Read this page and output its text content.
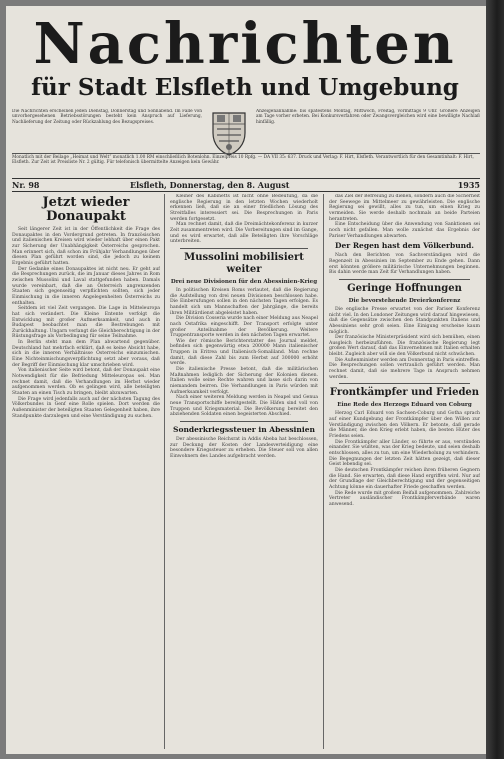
Nachrichten
für Stadt Elsfleth und Umgebung
Die Nachrichten erscheinen jeden Dienstag, Donnerstag und Sonnabend. Im Falle von unvorhergesehenen Betriebsstörungen besteht kein Anspruch auf Lieferung, Nachlieferung der Zeitung oder Rückzahlung des Bezugspreises.
Anzeigenannahme: bis spätestens Montag, Mittwoch, Freitag, vormittags 9 Uhr. Größere Anzeigen am Tage vorher erbeten. Bei Konkursverfahren oder Zwangsvergleichen wird eine bewilligte Nachlaß hinfällig.
Monatlich mit der Beilage „Heimat und Welt“ monatlich 1.00 RM einschließlich Botenlohn. Einzelpreis 10 Rpfg. — DA VII 35: 637. Druck und Verlag: F. Hirt, Elsfleth. Verantwortlich für den Gesamtinhalt: F. Hirt, Elsfleth. Zur Zeit ist Preisliste Nr. 2 gültig. Für telefonisch übermittelte Anzeigen kein Gewähr.
Nr. 98	Elsfleth, Donnerstag, den 8. August	1935
Jetzt wieder Donaupakt

Seit längerer Zeit ist in der Öffentlichkeit die Frage des Donaupaktes in den Vordergrund getreten. In französischen und italienischen Kreisen wird wieder lebhaft über einen Pakt zur Sicherung der Unabhängigkeit Österreichs gesprochen. Man erinnert sich, daß schon im Frühjahr Verhandlungen über diesen Plan geführt worden sind, die jedoch zu keinem Ergebnis geführt hatten.

Der Gedanke eines Donaupaktes ist nicht neu. Er geht auf die Besprechungen zurück, die im Januar dieses Jahres in Rom zwischen Mussolini und Laval stattgefunden haben. Damals wurde vereinbart, daß die an Österreich angrenzenden Staaten sich gegenseitig verpflichten sollten, sich jeder Einmischung in die inneren Angelegenheiten Österreichs zu enthalten.

Seitdem ist viel Zeit vergangen. Die Lage in Mitteleuropa hat sich verändert. Die Kleine Entente verfolgt die Entwicklung mit großer Aufmerksamkeit, und auch in Budapest beobachtet man die Bestrebungen mit Zurückhaltung. Ungarn verlangt die Gleichberechtigung in der Rüstungsfrage als Vorbedingung für seine Teilnahme.

In Berlin steht man dem Plan abwartend gegenüber. Deutschland hat mehrfach erklärt, daß es keine Absicht habe, sich in die inneren Verhältnisse Österreichs einzumischen. Eine Nichteinmischungsverpflichtung setzt aber voraus, daß der Begriff der Einmischung klar umschrieben wird.

Von italienischer Seite wird betont, daß der Donaupakt eine Notwendigkeit für die Befriedung Mitteleuropas sei. Man rechnet damit, daß die Verhandlungen im Herbst wieder aufgenommen werden. Ob es gelingen wird, alle beteiligten Staaten an einen Tisch zu bringen, bleibt abzuwarten.

Die Frage wird jedenfalls auch auf der nächsten Tagung des Völkerbundes in Genf eine Rolle spielen. Dort werden die Außenminister der beteiligten Staaten Gelegenheit haben, ihre Standpunkte darzulegen und eine Verständigung zu suchen.

Kleiner des Kabinetts ist nicht ohne Bedeutung, da die englische Regierung in den letzten Wochen wiederholt erkennen ließ, daß sie an einer friedlichen Lösung des Streitfalles interessiert sei. Die Besprechungen in Paris werden fortgesetzt.

Man rechnet damit, daß die Dreimächtekonferenz in kurzer Zeit zusammentreten wird. Die Vorbereitungen sind im Gange, und es wird erwartet, daß alle Beteiligten ihre Vorschläge unterbreiten.

Mussolini mobilisiert weiter
Drei neue Divisionen für den Abessinien-Krieg

In politischen Kreisen Roms verlautet, daß die Regierung die Aufstellung von drei neuen Divisionen beschlossen habe. Die Einberufungen sollen in den nächsten Tagen erfolgen. Es handelt sich um Mannschaften der Jahrgänge, die bereits ihren Militärdienst abgeleistet haben.

Die Division Cosseria wurde nach einer Meldung aus Neapel nach Ostafrika eingeschifft. Der Transport erfolgte unter großer Anteilnahme der Bevölkerung. Weitere Truppentransporte werden in den nächsten Tagen erwartet.

Wie der römische Berichterstatter des Journal meldet, befinden sich gegenwärtig etwa 200000 Mann italienischer Truppen in Eritrea und Italienisch-Somaliland. Man rechne damit, daß diese Zahl bis zum Herbst auf 300000 erhöht werde.

Die italienische Presse betont, daß die militärischen Maßnahmen lediglich der Sicherung der Kolonien dienen. Italien wolle seine Rechte wahren und lasse sich darin von niemandem beirren. Die Verhandlungen in Paris würden mit Aufmerksamkeit verfolgt.

Nach einer weiteren Meldung werden in Neapel und Genua neue Transportschiffe bereitgestellt. Die Häfen sind voll von Truppen und Kriegsmaterial. Die Bevölkerung bereitet den abziehenden Soldaten einen begeisterten Abschied.

Sonderkriegssteuer in Abessinien

Der abessinische Reichsrat in Addis Abeba hat beschlossen, zur Deckung der Kosten der Landesverteidigung eine besondere Kriegssteuer zu erheben. Die Steuer soll von allen Einwohnern des Landes aufgebracht werden.

das Ziel der Befreiung zu dienen, sondern auch die Sicherheit der Seewege im Mittelmeer zu gewährleisten. Die englische Regierung sei gewillt, alles zu tun, um einen Krieg zu vermeiden. Sie werde deshalb nochmals an beide Parteien herantreten.

Eine Entscheidung über die Anwendung von Sanktionen sei noch nicht gefallen. Man wolle zunächst das Ergebnis der Pariser Verhandlungen abwarten.

Der Regen hast dem Völkerbund.

Nach den Berichten von Sachverständigen wird die Regenzeit in Abessinien im September zu Ende gehen. Dann erst könnten größere militärische Unternehmungen beginnen. Bis dahin werde man Zeit für Verhandlungen haben.

Geringe Hoffnungen
Die bevorstehende Dreierkonferenz

Die englische Presse erwartet von der Pariser Konferenz nicht viel. In den Londoner Zeitungen wird darauf hingewiesen, daß die Gegensätze zwischen den Standpunkten Italiens und Abessiniens sehr groß seien. Eine Einigung erscheine kaum möglich.

Der französische Ministerpräsident wird sich bemühen, einen Ausgleich herbeizuführen. Die französische Regierung legt großen Wert darauf, daß das Einvernehmen mit Italien erhalten bleibt. Zugleich aber will sie den Völkerbund nicht schwächen.

Die Außenminister werden am Donnerstag in Paris eintreffen. Die Besprechungen sollen vertraulich geführt werden. Man rechnet damit, daß sie mehrere Tage in Anspruch nehmen werden.

Frontkämpfer und Frieden
Eine Rede des Herzogs Eduard von Coburg

Herzog Carl Eduard von Sachsen-Coburg und Gotha sprach auf einer Kundgebung der Frontkämpfer über den Willen zur Verständigung zwischen den Völkern. Er betonte, daß gerade die Männer, die den Krieg erlebt haben, die besten Hüter des Friedens seien.

Die Frontkämpfer aller Länder, so führte er aus, verstünden einander. Sie wüßten, was der Krieg bedeute, und seien deshalb entschlossen, alles zu tun, um eine Wiederholung zu verhindern. Die Begegnungen der letzten Zeit hätten gezeigt, daß dieser Geist lebendig sei.

Die deutschen Frontkämpfer reichen ihren früheren Gegnern die Hand. Sie erwarten, daß diese Hand ergriffen wird. Nur auf der Grundlage der Gleichberechtigung und der gegenseitigen Achtung könne ein dauerhafter Friede geschaffen werden.

Die Rede wurde mit großem Beifall aufgenommen. Zahlreiche Vertreter ausländischer Frontkämpferverbände waren anwesend.
